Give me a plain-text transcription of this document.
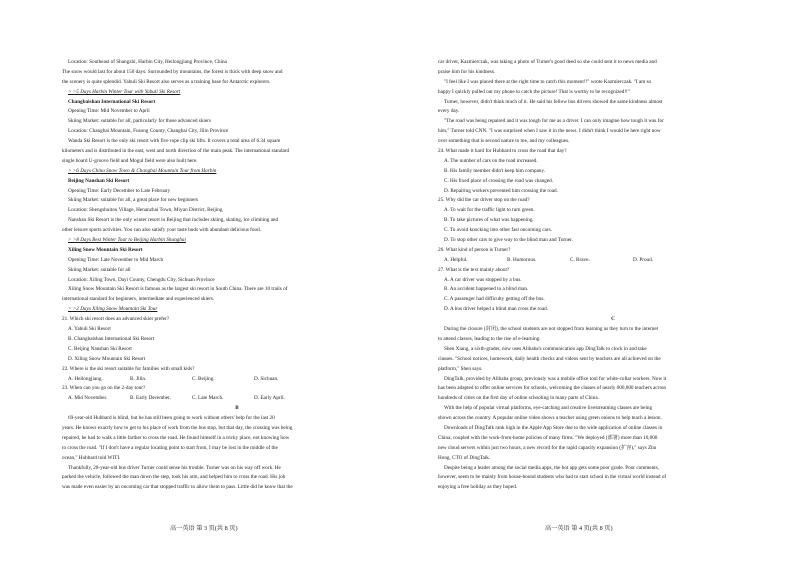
Location: Southeast of Shangzhi, Harbin City, Heilongjiang Province, China
The snow would last for about 150 days. Surrounded by mountains, the forest is thick with deep snow and
the scenery is quite splendid. Yabuli Ski Resort also serves as a training base for Antarctic explorers.
> >5 Days Harbin Winter Tour with Yabuli Ski Resort
Changbaishan International Ski Resort
Opening Time: Mid November to April
Skiing Market: suitable for all, particularly for those advanced skiers
Location: Changbai Mountain, Fusong County, Changbai City, Jilin Province
Wanda Ski Resort is the only ski resort with five rope clip ski lifts. It covers a total area of 6.34 square
kilometers and is distributed in the east, west and north direction of the main peak. The international standard
single board U-groove field and Mogul field were also built here.
> >6 Days China Snow Town & Changbai Mountain Tour from Harbin
Beijing Nanshan Ski Resort
Opening Time: Early December to Late February
Skiing Market: suitable for all, a great place for new beginners
Location: Shengshuitou Village, Henanzhai Town, Miyun District, Beijing
Nanshan Ski Resort is the only winter resort in Beijing that includes skiing, skating, ice climbing and
other leisure sports activities. You can also satisfy your taste buds with abundant delicious food.
> >8 Days Best Winter Tour to Beijing Harbin Shanghai
Xiling Snow Mountain Ski Resort
Opening Time: Late November to Mid March
Skiing Market: suitable for all
Location: Xiling Town, Dayi County, Chengdu City, Sichuan Province
Xiling Snow Mountain Ski Resort is famous as the largest ski resort in South China. There are 10 trails of
international standard for beginners, intermediate and experienced skiers.
> >2 Days Xiling Snow Mountain Ski Tour
21. Which ski resort does an advanced skier prefer?
A. Yabuli Ski Resort
B. Changbaishan International Ski Resort
C. Beijing Nanshan Ski Resort
D. Xiling Snow Mountain Ski Resort
22. Where is the ski resort suitable for families with small kids?
A. Heilongjiang.	B. Jilin.	C. Beijing.	D. Sichuan.
23. When can you go on the 2-day tour?
A. Mid November.	B. Early December.	C. Late March.	D. Early April.
B
69-year-old Hubbard is blind, but he has still been going to work without others' help for the last 20
years. He knows exactly how to get to his place of work from the bus stop, but that day, the crossing was being
repaired, he had to walk a little farther to cross the road. He found himself in a tricky place, not knowing how
to cross the road. "If I don't have a regular locating point to start from, I may be lost in the middle of the
ocean," Hubbard told WITI.
Thankfully, 28-year-old bus driver Turner could sense his trouble. Turner was on his way off work. He
parked the vehicle, followed the man down the step, took his arm, and helped him to cross the road. His job
was made even easier by an oncoming car that stopped traffic to allow them to pass. Little did he know that the
car driver, Kazmierczak, was taking a photo of Turner's good deed so she could sent it to news media and
praise him for his kindness.
"I feel like I was placed there at the right time to catch this moment!!" wrote Kazmierczak. "I am so
happy I quickly pulled out my phone to catch the picture! That is worthy to be recognized!!"
Turner, however, didn't think much of it. He said his fellow bus drivers showed the same kindness almost
every day.
"The road was being repaired and it was tough for me as a driver. I can only imagine how tough it was for
him," Turner told CNN. "I was surprised when I saw it in the news. I didn't think I would be here right now
over something that is second nature to me, and my colleagues.
24. What made it hard for Hubbard to cross the road that day?
A. The number of cars on the road increased.
B. His family member didn't keep him company.
C. His fixed place of crossing the road was changed.
D. Repairing workers prevented him crossing the road.
25. Why did the car driver stop on the road?
A. To wait for the traffic light to turn green.
B. To take pictures of what was happening.
C. To avoid knocking into other fast oncoming cars.
D. To stop other cars to give way to the blind man and Turner.
26. What kind of person is Turner?
A. Helpful.	B. Humorous.	C. Brave.	D. Proud.
27. What is the text mainly about?
A. A car driver was stopped by a bus.
B. An accident happened to a blind man.
C. A passenger had difficulty getting off the bus.
D. A bus driver helped a blind man cross the road.
C
During the closure (封闭), the school students are not stopped from learning as they turn to the internet
to attend classes, leading to the rise of e-learning.
Shen Xiang, a sixth-grader, now uses Alibaba's communication app DingTalk to clock in and take
classes. "School notices, homework, daily health checks and videos sent by teachers are all achieved on the
platform," Shen says.
DingTalk, provided by Alibaba group, previously was a mobile office tool for white-collar workers. Now it
has been adapted to offer online services for schools, welcoming the classes of nearly 600,000 teachers across
hundreds of cities on the first day of online schooling in many parts of China.
With the help of popular virtual platforms, eye-catching and creative livestreaming classes are being
shown across the country. A popular online video shows a teacher using green onions to help teach a lesson.
Downloads of DingTalk rank high in the Apple App Store due to the wide application of online classes in
China, coupled with the work-from-home policies of many firms. "We deployed (部署) more than 10,000
new cloud servers within just two hours, a new record for the rapid capacity expansion (扩容)," says Zhu
Hong, CTO of DingTalk.
Despite being a leader among the social media apps, the hot app gets some poor grade. Poor comments,
however, seem to be mainly from house-bound students who had to start school in the virtual world instead of
enjoying a free holiday as they hoped.
高一英语 第 3 页(共 8 页)	高一英语 第 4 页(共 8 页)
